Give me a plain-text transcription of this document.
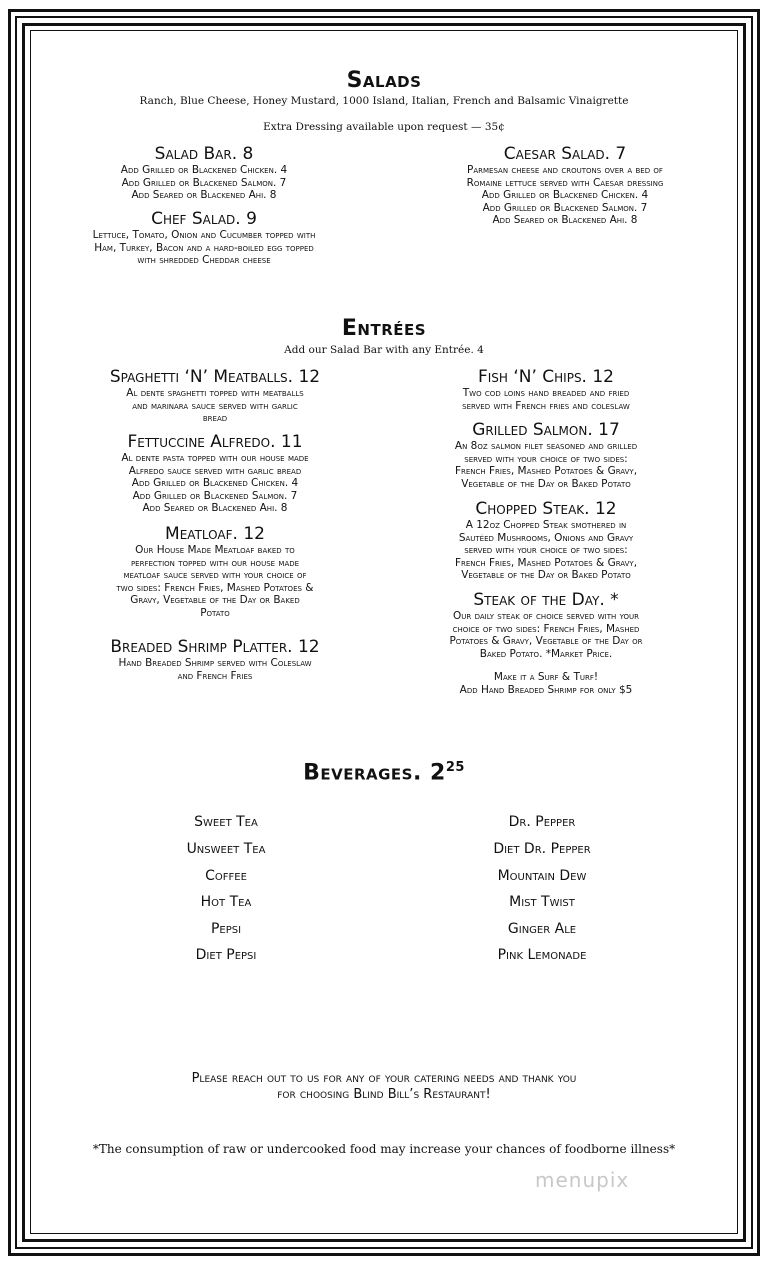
Salads
Ranch, Blue Cheese, Honey Mustard, 1000 Island, Italian, French and Balsamic Vinaigrette
Extra Dressing available upon request — 35¢
Salad Bar. 8
Add Grilled or Blackened Chicken. 4
Add Grilled or Blackened Salmon. 7
Add Seared or Blackened Ahi. 8
Chef Salad. 9
Lettuce, Tomato, Onion and Cucumber topped with
Ham, Turkey, Bacon and a hard-boiled egg topped
with shredded Cheddar cheese
Caesar Salad. 7
Parmesan cheese and croutons over a bed of
Romaine lettuce served with Caesar dressing
Add Grilled or Blackened Chicken. 4
Add Grilled or Blackened Salmon. 7
Add Seared or Blackened Ahi. 8
Entrées
Add our Salad Bar with any Entrée. 4
Spaghetti ‘N’ Meatballs. 12
Al dente spaghetti topped with meatballs
and marinara sauce served with garlic
bread
Fettuccine Alfredo. 11
Al dente pasta topped with our house made
Alfredo sauce served with garlic bread
Add Grilled or Blackened Chicken. 4
Add Grilled or Blackened Salmon. 7
Add Seared or Blackened Ahi. 8
Meatloaf. 12
Our House Made Meatloaf baked to
perfection topped with our house made
meatloaf sauce served with your choice of
two sides: French Fries, Mashed Potatoes &
Gravy, Vegetable of the Day or Baked
Potato
Breaded Shrimp Platter. 12
Hand Breaded Shrimp served with Coleslaw
and French Fries
Fish ‘N’ Chips. 12
Two cod loins hand breaded and fried
served with French fries and coleslaw
Grilled Salmon. 17
An 8oz salmon filet seasoned and grilled
served with your choice of two sides:
French Fries, Mashed Potatoes & Gravy,
Vegetable of the Day or Baked Potato
Chopped Steak. 12
A 12oz Chopped Steak smothered in
Sautéed Mushrooms, Onions and Gravy
served with your choice of two sides:
French Fries, Mashed Potatoes & Gravy,
Vegetable of the Day or Baked Potato
Steak of the Day. *
Our daily steak of choice served with your
choice of two sides: French Fries, Mashed
Potatoes & Gravy, Vegetable of the Day or
Baked Potato. *Market Price.
Make it a Surf & Turf!
Add Hand Breaded Shrimp for only $5
Beverages. $2^{25}$
Sweet Tea
Unsweet Tea
Coffee
Hot Tea
Pepsi
Diet Pepsi
Dr. Pepper
Diet Dr. Pepper
Mountain Dew
Mist Twist
Ginger Ale
Pink Lemonade
Please reach out to us for any of your catering needs and thank you
for choosing Blind Bill’s Restaurant!
*The consumption of raw or undercooked food may increase your chances of foodborne illness*
menupix
